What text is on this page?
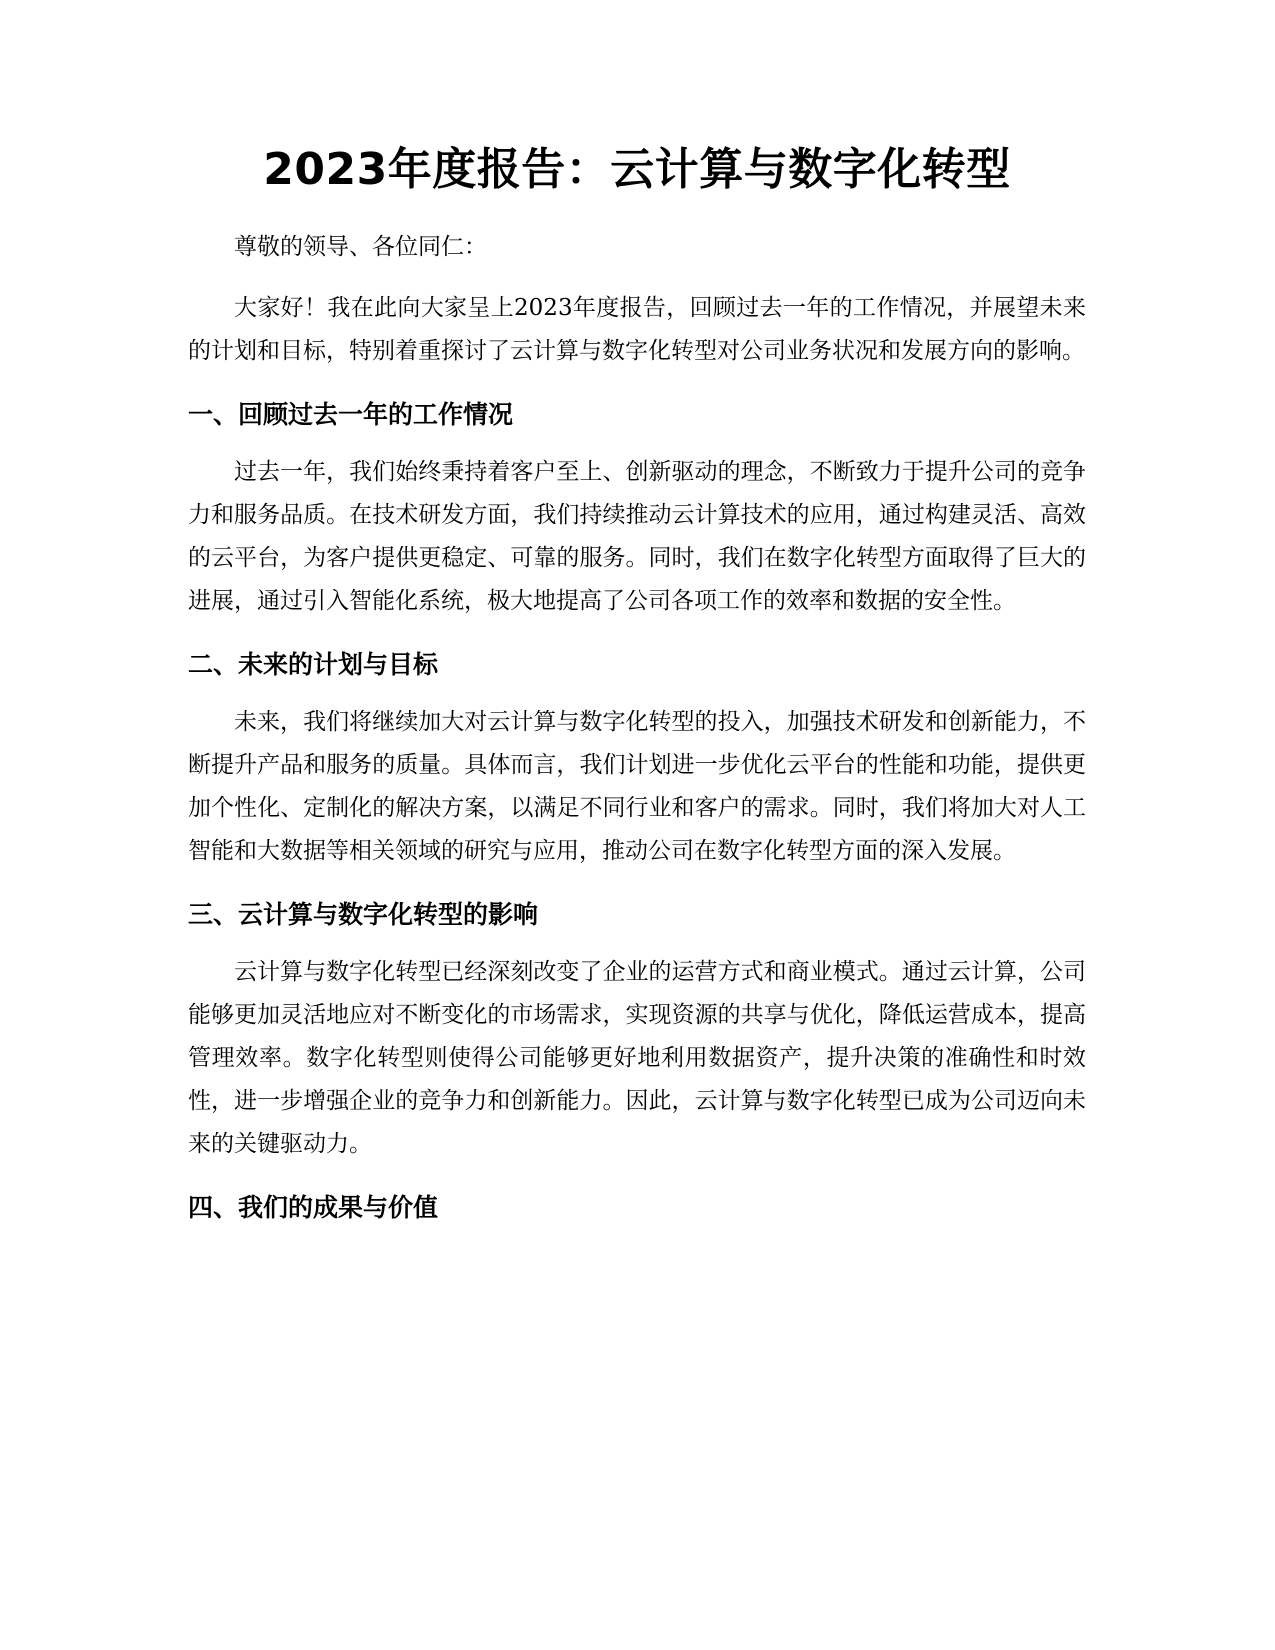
2023年度报告：云计算与数字化转型

尊敬的领导、各位同仁：

大家好！我在此向大家呈上2023年度报告，回顾过去一年的工作情况，并展望未来的计划和目标，特别着重探讨了云计算与数字化转型对公司业务状况和发展方向的影响。

一、回顾过去一年的工作情况

过去一年，我们始终秉持着客户至上、创新驱动的理念，不断致力于提升公司的竞争力和服务品质。在技术研发方面，我们持续推动云计算技术的应用，通过构建灵活、高效的云平台，为客户提供更稳定、可靠的服务。同时，我们在数字化转型方面取得了巨大的进展，通过引入智能化系统，极大地提高了公司各项工作的效率和数据的安全性。

二、未来的计划与目标

未来，我们将继续加大对云计算与数字化转型的投入，加强技术研发和创新能力，不断提升产品和服务的质量。具体而言，我们计划进一步优化云平台的性能和功能，提供更加个性化、定制化的解决方案，以满足不同行业和客户的需求。同时，我们将加大对人工智能和大数据等相关领域的研究与应用，推动公司在数字化转型方面的深入发展。

三、云计算与数字化转型的影响

云计算与数字化转型已经深刻改变了企业的运营方式和商业模式。通过云计算，公司能够更加灵活地应对不断变化的市场需求，实现资源的共享与优化，降低运营成本，提高管理效率。数字化转型则使得公司能够更好地利用数据资产，提升决策的准确性和时效性，进一步增强企业的竞争力和创新能力。因此，云计算与数字化转型已成为公司迈向未来的关键驱动力。

四、我们的成果与价值
